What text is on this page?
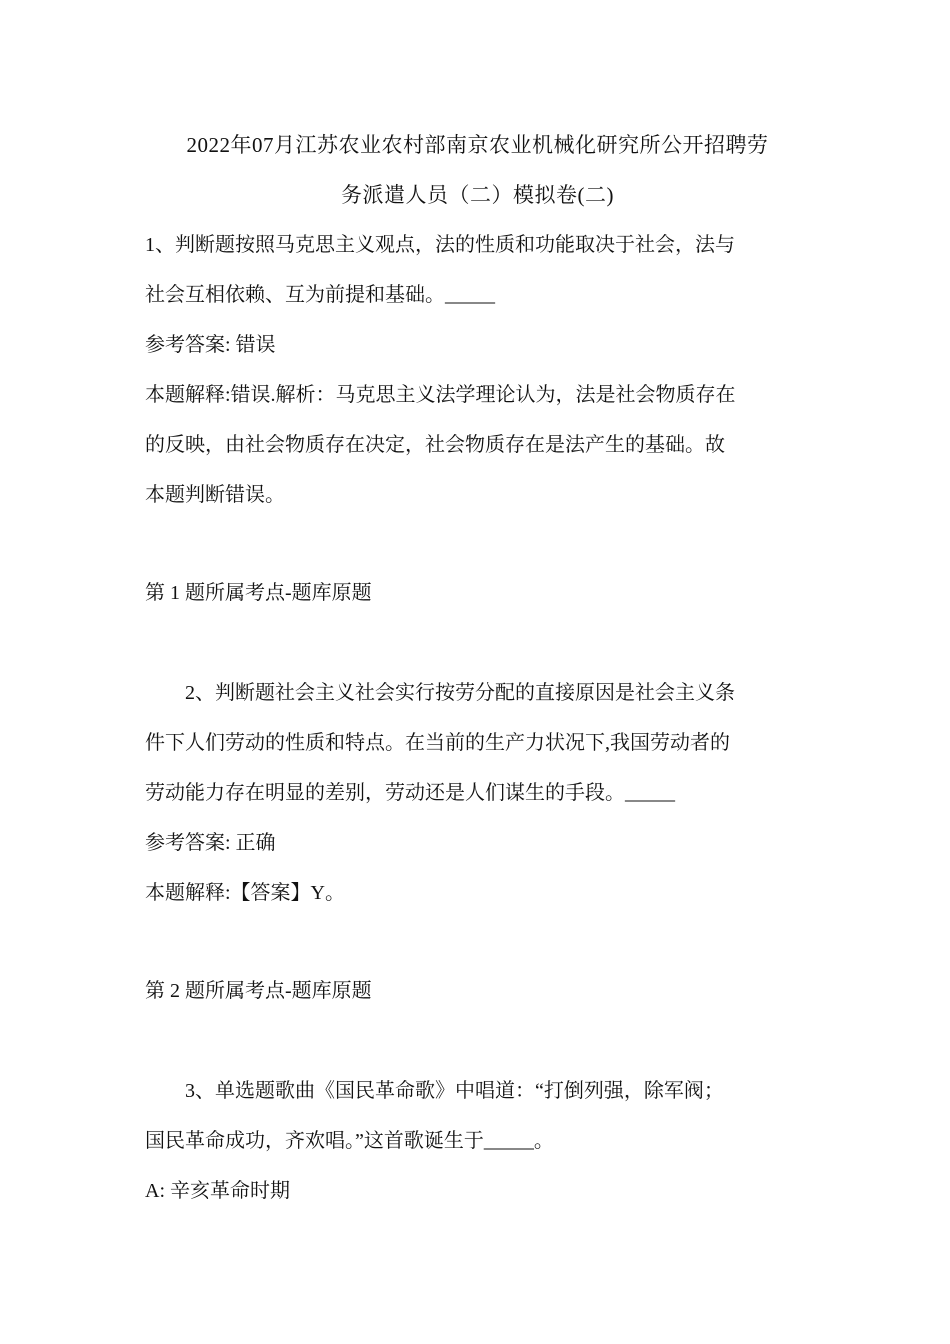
2022年07月江苏农业农村部南京农业机械化研究所公开招聘劳
务派遣人员（二）模拟卷(二)

1、判断题按照马克思主义观点，法的性质和功能取决于社会，法与

社会互相依赖、互为前提和基础。_____

参考答案: 错误

本题解释:错误.解析：马克思主义法学理论认为，法是社会物质存在

的反映，由社会物质存在决定，社会物质存在是法产生的基础。故

本题判断错误。

第 1 题所属考点-题库原题

2、判断题社会主义社会实行按劳分配的直接原因是社会主义条

件下人们劳动的性质和特点。在当前的生产力状况下,我国劳动者的

劳动能力存在明显的差别，劳动还是人们谋生的手段。_____

参考答案: 正确

本题解释:【答案】Y。

第 2 题所属考点-题库原题

3、单选题歌曲《国民革命歌》中唱道：“打倒列强，除军阀；

国民革命成功，齐欢唱。”这首歌诞生于_____。

A: 辛亥革命时期
